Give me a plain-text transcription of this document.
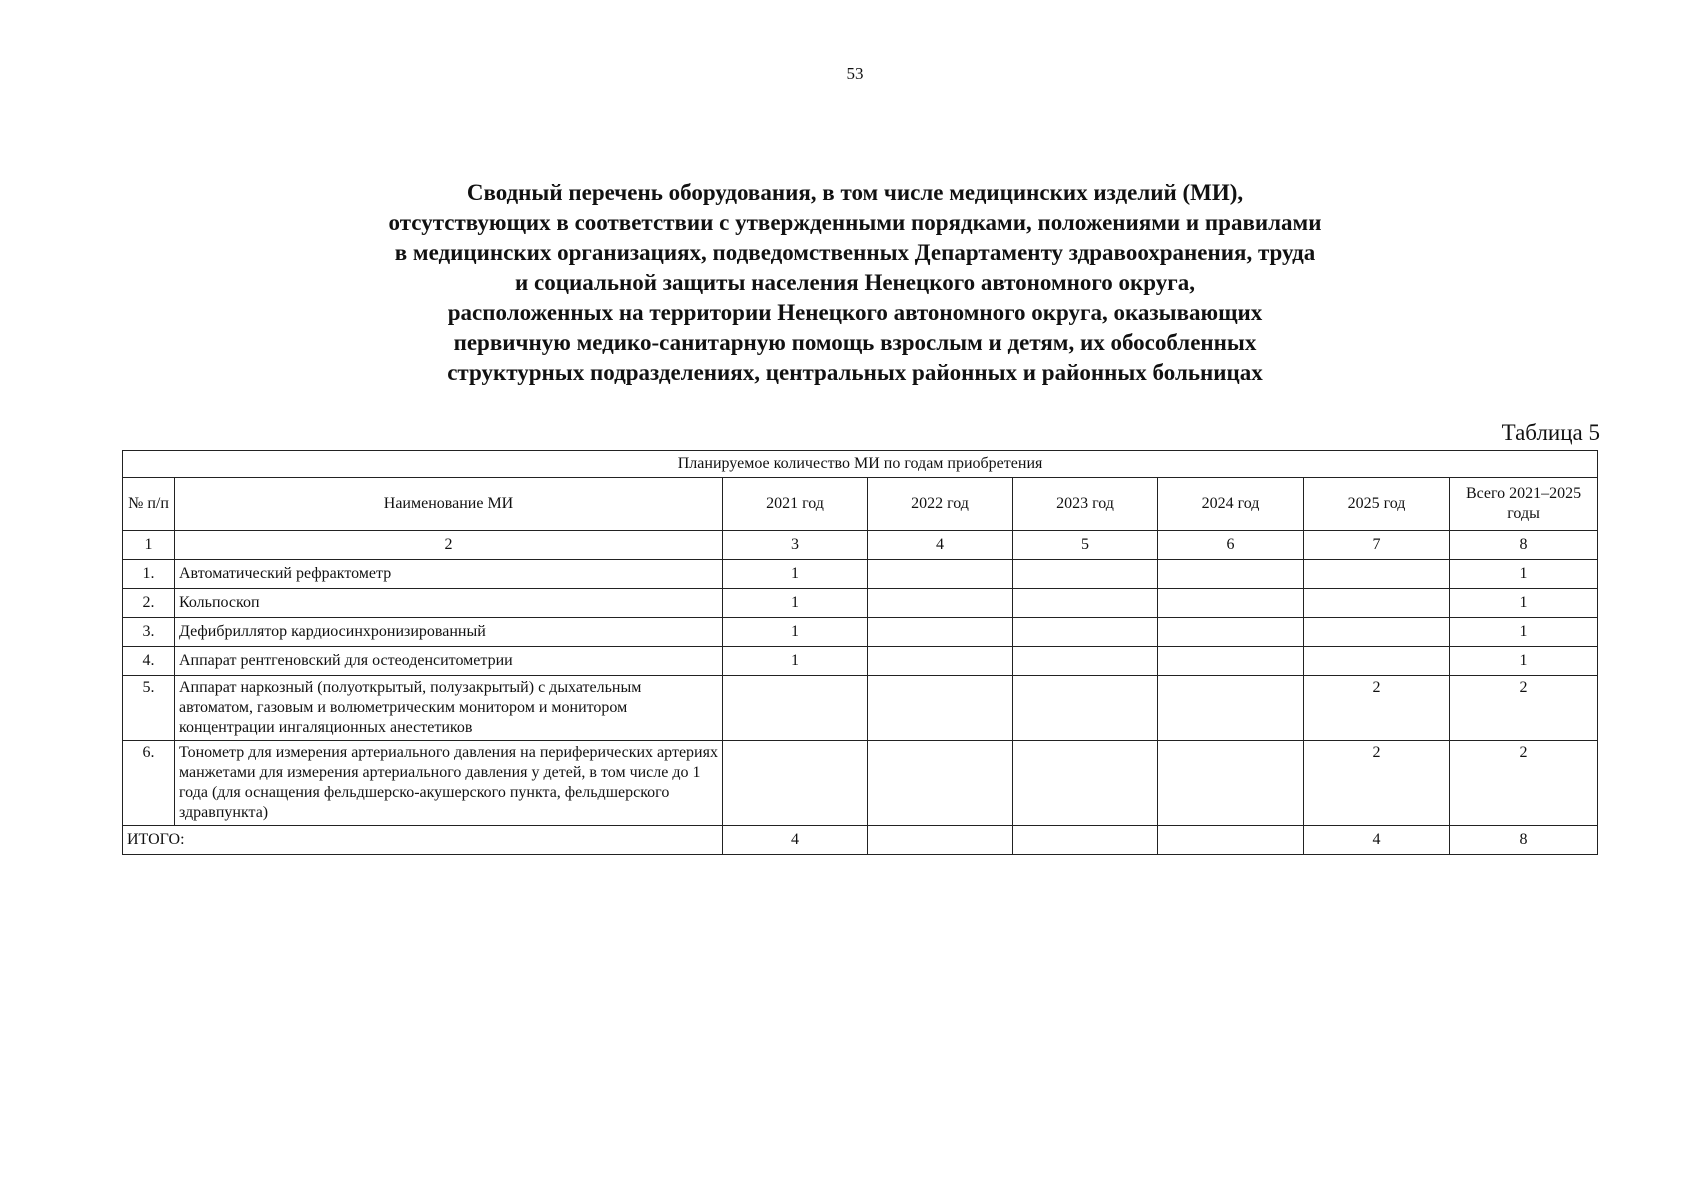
53
Сводный перечень оборудования, в том числе медицинских изделий (МИ),
отсутствующих в соответствии с утвержденными порядками, положениями и правилами
в медицинских организациях, подведомственных Департаменту здравоохранения, труда
и социальной защиты населения Ненецкого автономного округа,
расположенных на территории Ненецкого автономного округа, оказывающих
первичную медико-санитарную помощь взрослым и детям, их обособленных
структурных подразделениях, центральных районных и районных больницах
Таблица 5
Планируемое количество МИ по годам приобретения							
№ п/п	Наименование МИ	2021 год	2022 год	2023 год	2024 год	2025 год	Всего 2021–2025 годы
1	2	3	4	5	6	7	8
1.	Автоматический рефрактометр	1					1
2.	Кольпоскоп	1					1
3.	Дефибриллятор кардиосинхронизированный	1					1
4.	Аппарат рентгеновский для остеоденситометрии	1					1
5.	Аппарат наркозный (полуоткрытый, полузакрытый) с дыхательным автоматом, газовым и волюметрическим монитором и монитором концентрации ингаляционных анестетиков					2	2
6.	Тонометр для измерения артериального давления на периферических артериях манжетами для измерения артериального давления у детей, в том числе до 1 года (для оснащения фельдшерско-акушерского пункта, фельдшерского здравпункта)					2	2
ИТОГО:		4				4	8
